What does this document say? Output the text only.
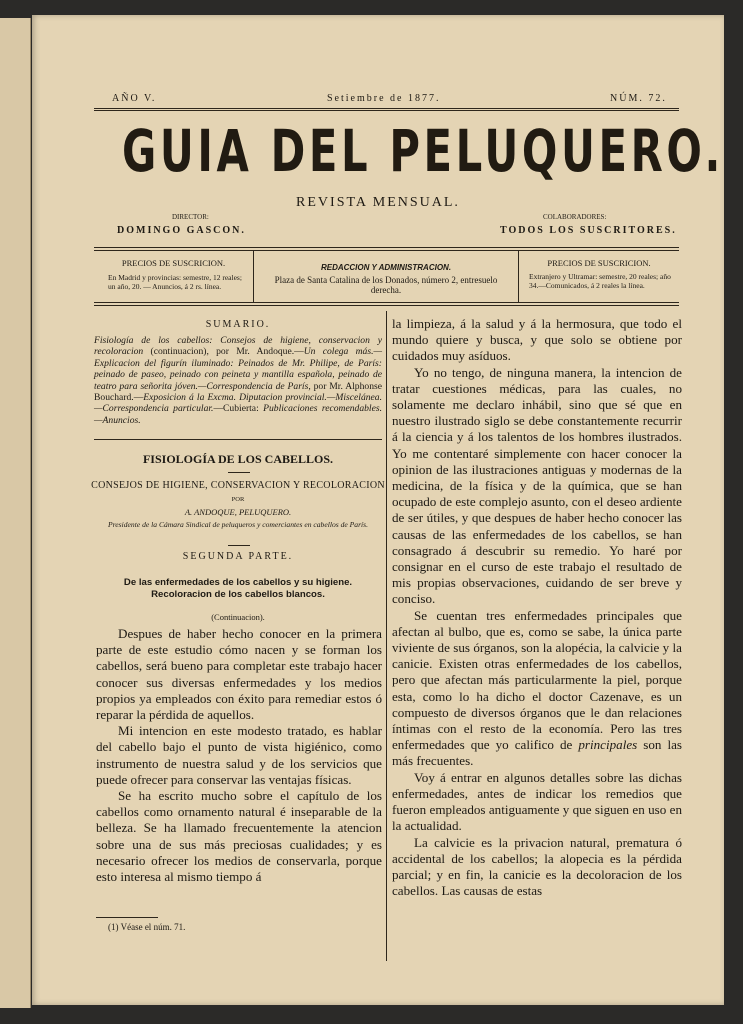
AÑO V.	Setiembre de 1877.	NÚM. 72.
GUIA DEL PELUQUERO.
REVISTA MENSUAL.
DIRECTOR:
DOMINGO GASCON.
COLABORADORES:
TODOS LOS SUSCRITORES.
PRECIOS DE SUSCRICION.
En Madrid y provincias: semestre, 12 reales; un año, 20. — Anuncios, á 2 rs. línea.
REDACCION Y ADMINISTRACION.
Plaza de Santa Catalina de los Donados, número 2, entresuelo derecha.
PRECIOS DE SUSCRICION.
Extranjero y Ultramar: semestre, 20 reales; año 34.—Comunicados, á 2 reales la línea.
SUMARIO.
Fisiología de los cabellos: Consejos de higiene, conservacion y recoloracion (continuacion), por Mr. Andoque.—Un colega más.—Explicacion del figurín iluminado: Peinados de Mr. Philipe, de París: peinado de paseo, peinado con peineta y mantilla española, peinado de teatro para señorita jóven.—Correspondencia de París, por Mr. Alphonse Bouchard.—Exposicion á la Excma. Diputacion provincial.—Miscelánea.—Correspondencia particular.—Cubierta: Publicaciones recomendables.—Anuncios.
FISIOLOGÍA DE LOS CABELLOS.
CONSEJOS DE HIGIENE, CONSERVACION Y RECOLORACION
POR
A. ANDOQUE, PELUQUERO.
Presidente de la Cámara Sindical de peluqueros y comerciantes en cabellos de París.
SEGUNDA PARTE.
De las enfermedades de los cabellos y su higiene. Recoloracion de los cabellos blancos.
(Continuacion).

Despues de haber hecho conocer en la primera parte de este estudio cómo nacen y se forman los cabellos, será bueno para completar este trabajo hacer conocer sus diversas enfermedades y los medios propios ya empleados con éxito para remediar estos ó reparar la pérdida de aquellos.

Mi intencion en este modesto tratado, es hablar del cabello bajo el punto de vista higiénico, como instrumento de nuestra salud y de los servicios que puede ofrecer para conservar las ventajas físicas.

Se ha escrito mucho sobre el capítulo de los cabellos como ornamento natural é inseparable de la belleza. Se ha llamado frecuentemente la atencion sobre una de sus más preciosas cualidades; y es necesario ofrecer los medios de conservarla, porque esto interesa al mismo tiempo á

(1) Véase el núm. 71.

la limpieza, á la salud y á la hermosura, que todo el mundo quiere y busca, y que solo se obtiene por cuidados muy asíduos.

Yo no tengo, de ninguna manera, la intencion de tratar cuestiones médicas, para las cuales, no solamente me declaro inhábil, sino que sé que en nuestro ilustrado siglo se debe constantemente recurrir á la ciencia y á los talentos de los hombres ilustrados. Yo me contentaré simplemente con hacer conocer la opinion de las ilustraciones antiguas y modernas de la medicina, de la física y de la química, que se han ocupado de este complejo asunto, con el deseo ardiente de ser útiles, y que despues de haber hecho conocer las causas de las enfermedades de los cabellos, se han consagrado á descubrir su remedio. Yo haré por consignar en el curso de este trabajo el resultado de mis propias observaciones, cuidando de ser breve y conciso.

Se cuentan tres enfermedades principales que afectan al bulbo, que es, como se sabe, la única parte viviente de sus órganos, son la alopécia, la calvicie y la canicie. Existen otras enfermedades de los cabellos, pero que afectan más particularmente la piel, porque esta, como lo ha dicho el doctor Cazenave, es un compuesto de diversos órganos que le dan relaciones íntimas con el resto de la economía. Pero las tres enfermedades que yo califico de principales son las más frecuentes.

Voy á entrar en algunos detalles sobre las dichas enfermedades, antes de indicar los remedios que fueron empleados antiguamente y que siguen en uso en la actualidad.

La calvicie es la privacion natural, prematura ó accidental de los cabellos; la alopecia es la pérdida parcial; y en fin, la canicie es la decoloracion de los cabellos. Las causas de estas
